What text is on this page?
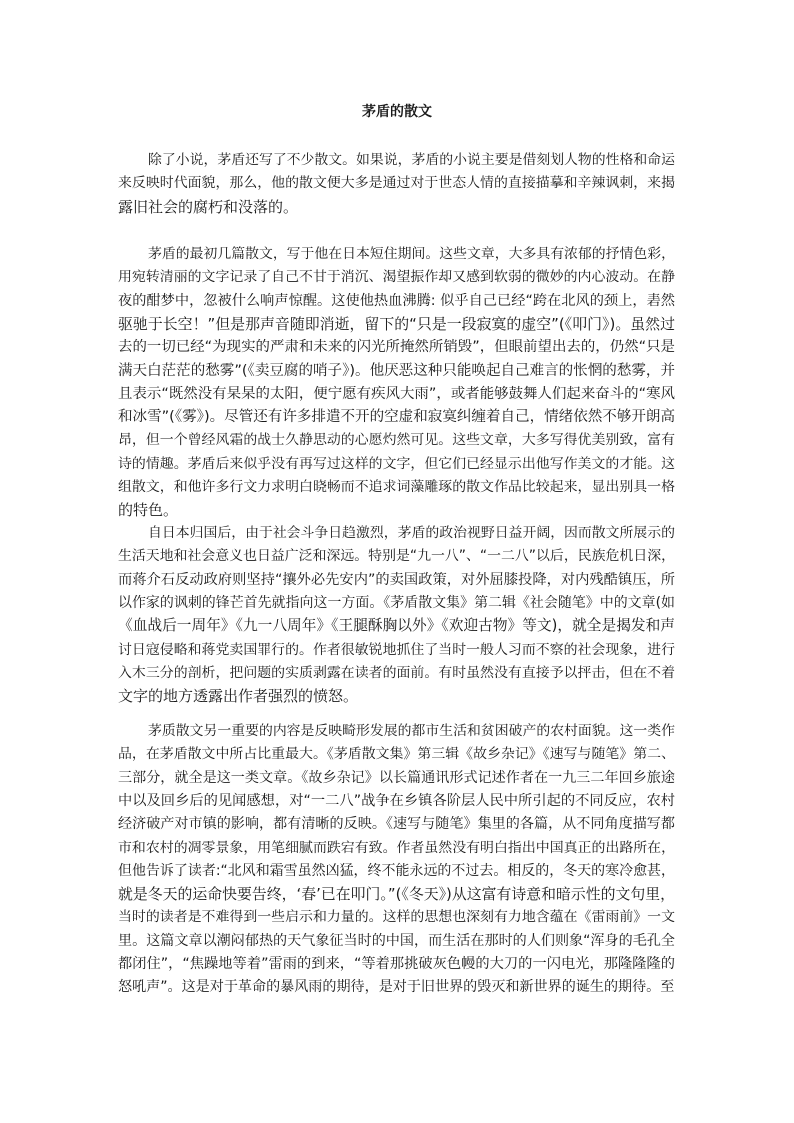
茅盾的散文
除了小说，茅盾还写了不少散文。如果说，茅盾的小说主要是借刻划人物的性格和命运
来反映时代面貌，那么，他的散文便大多是通过对于世态人情的直接描摹和辛辣讽刺，来揭
露旧社会的腐朽和没落的。
茅盾的最初几篇散文，写于他在日本短住期间。这些文章，大多具有浓郁的抒情色彩，
用宛转清丽的文字记录了自己不甘于消沉、渴望振作却又感到软弱的微妙的内心波动。在静
夜的酣梦中，忽被什么响声惊醒。这使他热血沸腾: 似乎自己已经“跨在北风的颈上，砉然
驱驰于长空！”但是那声音随即消逝，留下的“只是一段寂寞的虚空”(《叩门》)。虽然过
去的一切已经“为现实的严肃和未来的闪光所掩然所销毁”，但眼前望出去的，仍然“只是
满天白茫茫的愁雾”(《卖豆腐的哨子》)。他厌恶这种只能唤起自己难言的怅惘的愁雾，并
且表示“既然没有杲杲的太阳，便宁愿有疾风大雨”，或者能够鼓舞人们起来奋斗的“寒风
和冰雪”(《雾》)。尽管还有许多排遣不开的空虚和寂寞纠缠着自己，情绪依然不够开朗高
昂，但一个曾经风霜的战士久静思动的心愿灼然可见。这些文章，大多写得优美别致，富有
诗的情趣。茅盾后来似乎没有再写过这样的文字，但它们已经显示出他写作美文的才能。这
组散文，和他许多行文力求明白晓畅而不追求词藻雕琢的散文作品比较起来，显出别具一格
的特色。
自日本归国后，由于社会斗争日趋激烈，茅盾的政治视野日益开阔，因而散文所展示的
生活天地和社会意义也日益广泛和深远。特别是“九一八”、“一二八”以后，民族危机日深，
而蒋介石反动政府则坚持“攘外必先安内”的卖国政策，对外屈膝投降，对内残酷镇压，所
以作家的讽刺的锋芒首先就指向这一方面。《茅盾散文集》第二辑《社会随笔》中的文章(如
《血战后一周年》《九一八周年》《王腿酥胸以外》《欢迎古物》等文)，就全是揭发和声
讨日寇侵略和蒋党卖国罪行的。作者很敏锐地抓住了当时一般人习而不察的社会现象，进行
入木三分的剖析，把问题的实质剥露在读者的面前。有时虽然没有直接予以抨击，但在不着
文字的地方透露出作者强烈的愤怒。
茅质散文另一重要的内容是反映畸形发展的都市生活和贫困破产的农村面貌。这一类作
品，在茅盾散文中所占比重最大。《茅盾散文集》第三辑《故乡杂记》《速写与随笔》第二、
三部分，就全是这一类文章。《故乡杂记》以长篇通讯形式记述作者在一九三二年回乡旅途
中以及回乡后的见闻感想，对“一二八”战争在乡镇各阶层人民中所引起的不同反应，农村
经济破产对市镇的影响，都有清晰的反映。《速写与随笔》集里的各篇，从不同角度描写都
市和农村的凋零景象，用笔细腻而跌宕有致。作者虽然没有明白指出中国真正的出路所在，
但他告诉了读者:“北风和霜雪虽然凶猛，终不能永远的不过去。相反的，冬天的寒冷愈甚，
就是冬天的运命快要告终，‘春’已在叩门。”(《冬天》)从这富有诗意和暗示性的文句里，
当时的读者是不难得到一些启示和力量的。这样的思想也深刻有力地含蕴在《雷雨前》一文
里。这篇文章以潮闷郁热的天气象征当时的中国，而生活在那时的人们则象“浑身的毛孔全
都闭住”，“焦躁地等着”雷雨的到来，“等着那挑破灰色幔的大刀的一闪电光，那隆隆隆的
怒吼声”。这是对于革命的暴风雨的期待，是对于旧世界的毁灭和新世界的诞生的期待。至
